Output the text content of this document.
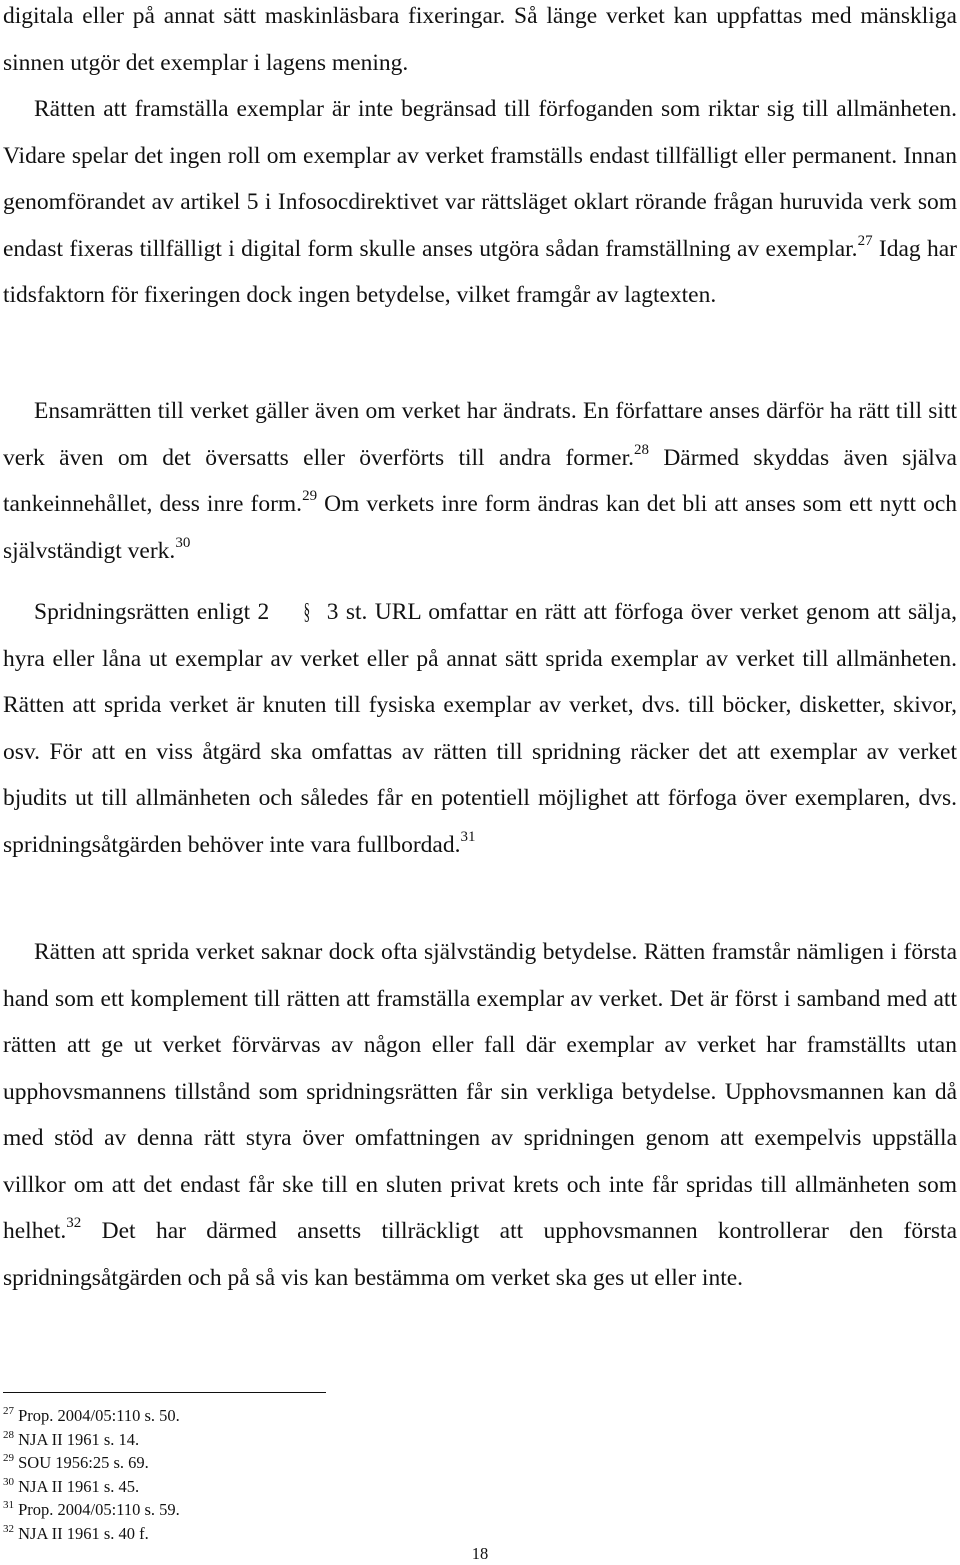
digitala eller på annat sätt maskinläsbara fixeringar. Så länge verket kan uppfattas med mänskliga sinnen utgör det exemplar i lagens mening.

Rätten att framställa exemplar är inte begränsad till förfoganden som riktar sig till allmänheten. Vidare spelar det ingen roll om exemplar av verket framställs endast tillfälligt eller permanent. Innan genomförandet av artikel 5 i Infosocdirektivet var rättsläget oklart rörande frågan huruvida verk som endast fixeras tillfälligt i digital form skulle anses utgöra sådan framställning av exemplar.$^{27}$ Idag har tidsfaktorn för fixeringen dock ingen betydelse, vilket framgår av lagtexten.

Ensamrätten till verket gäller även om verket har ändrats. En författare anses därför ha rätt till sitt verk även om det översatts eller överförts till andra former.$^{28}$ Därmed skyddas även själva tankeinnehållet, dess inre form.$^{29}$ Om verkets inre form ändras kan det bli att anses som ett nytt och självständigt verk.$^{30}$

Spridningsrätten enligt 2 § 3 st. URL omfattar en rätt att förfoga över verket genom att sälja, hyra eller låna ut exemplar av verket eller på annat sätt sprida exemplar av verket till allmänheten. Rätten att sprida verket är knuten till fysiska exemplar av verket, dvs. till böcker, disketter, skivor, osv. För att en viss åtgärd ska omfattas av rätten till spridning räcker det att exemplar av verket bjudits ut till allmänheten och således får en potentiell möjlighet att förfoga över exemplaren, dvs. spridningsåtgärden behöver inte vara fullbordad.$^{31}$

Rätten att sprida verket saknar dock ofta självständig betydelse. Rätten framstår nämligen i första hand som ett komplement till rätten att framställa exemplar av verket. Det är först i samband med att rätten att ge ut verket förvärvas av någon eller fall där exemplar av verket har framställts utan upphovsmannens tillstånd som spridningsrätten får sin verkliga betydelse. Upphovsmannen kan då med stöd av denna rätt styra över omfattningen av spridningen genom att exempelvis uppställa villkor om att det endast får ske till en sluten privat krets och inte får spridas till allmänheten som helhet.$^{32}$ Det har därmed ansetts tillräckligt att upphovsmannen kontrollerar den första spridningsåtgärden och på så vis kan bestämma om verket ska ges ut eller inte.

$^{27}$ Prop. 2004/05:110 s. 50.
$^{28}$ NJA II 1961 s. 14.
$^{29}$ SOU 1956:25 s. 69.
$^{30}$ NJA II 1961 s. 45.
$^{31}$ Prop. 2004/05:110 s. 59.
$^{32}$ NJA II 1961 s. 40 f.
18
